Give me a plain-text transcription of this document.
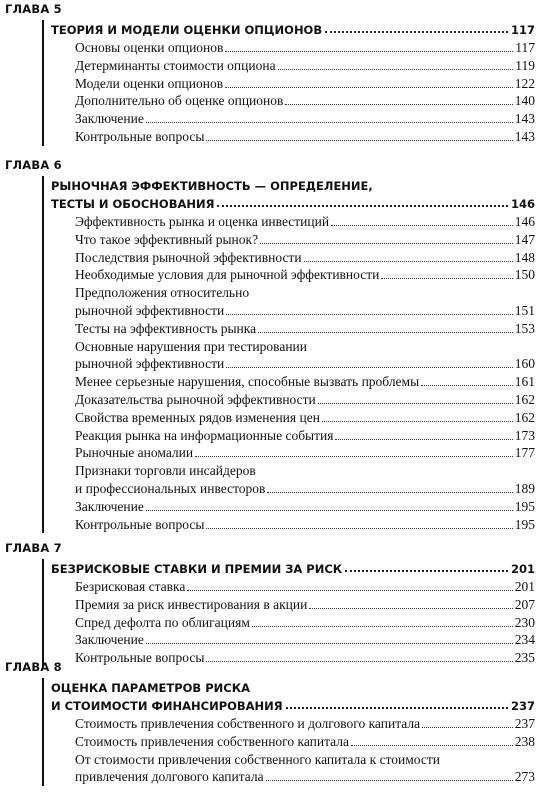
ГЛАВА 5
ТЕОРИЯ И МОДЕЛИ ОЦЕНКИ ОПЦИОНОВ	117
Основы оценки опционов	117
Детерминанты стоимости опциона	119
Модели оценки опционов	122
Дополнительно об оценке опционов	140
Заключение	143
Контрольные вопросы	143
ГЛАВА 6
РЫНОЧНАЯ ЭФФЕКТИВНОСТЬ — ОПРЕДЕЛЕНИЕ,
ТЕСТЫ И ОБОСНОВАНИЯ	146
Эффективность рынка и оценка инвестиций	146
Что такое эффективный рынок?	147
Последствия рыночной эффективности	148
Необходимые условия для рыночной эффективности	150
Предположения относительно
рыночной эффективности	151
Тесты на эффективность рынка	153
Основные нарушения при тестировании
рыночной эффективности	160
Менее серьезные нарушения, способные вызвать проблемы	161
Доказательства рыночной эффективности	162
Свойства временных рядов изменения цен	162
Реакция рынка на информационные события	173
Рыночные аномалии	177
Признаки торговли инсайдеров
и профессиональных инвесторов	189
Заключение	195
Контрольные вопросы	195
ГЛАВА 7
БЕЗРИСКОВЫЕ СТАВКИ И ПРЕМИИ ЗА РИСК	201
Безрисковая ставка	201
Премия за риск инвестирования в акции	207
Спред дефолта по облигациям	230
Заключение	234
Контрольные вопросы	235
ГЛАВА 8
ОЦЕНКА ПАРАМЕТРОВ РИСКА
И СТОИМОСТИ ФИНАНСИРОВАНИЯ	237
Стоимость привлечения собственного и долгового капитала	237
Стоимость привлечения собственного капитала	238
От стоимости привлечения собственного капитала к стоимости
привлечения долгового капитала	273
